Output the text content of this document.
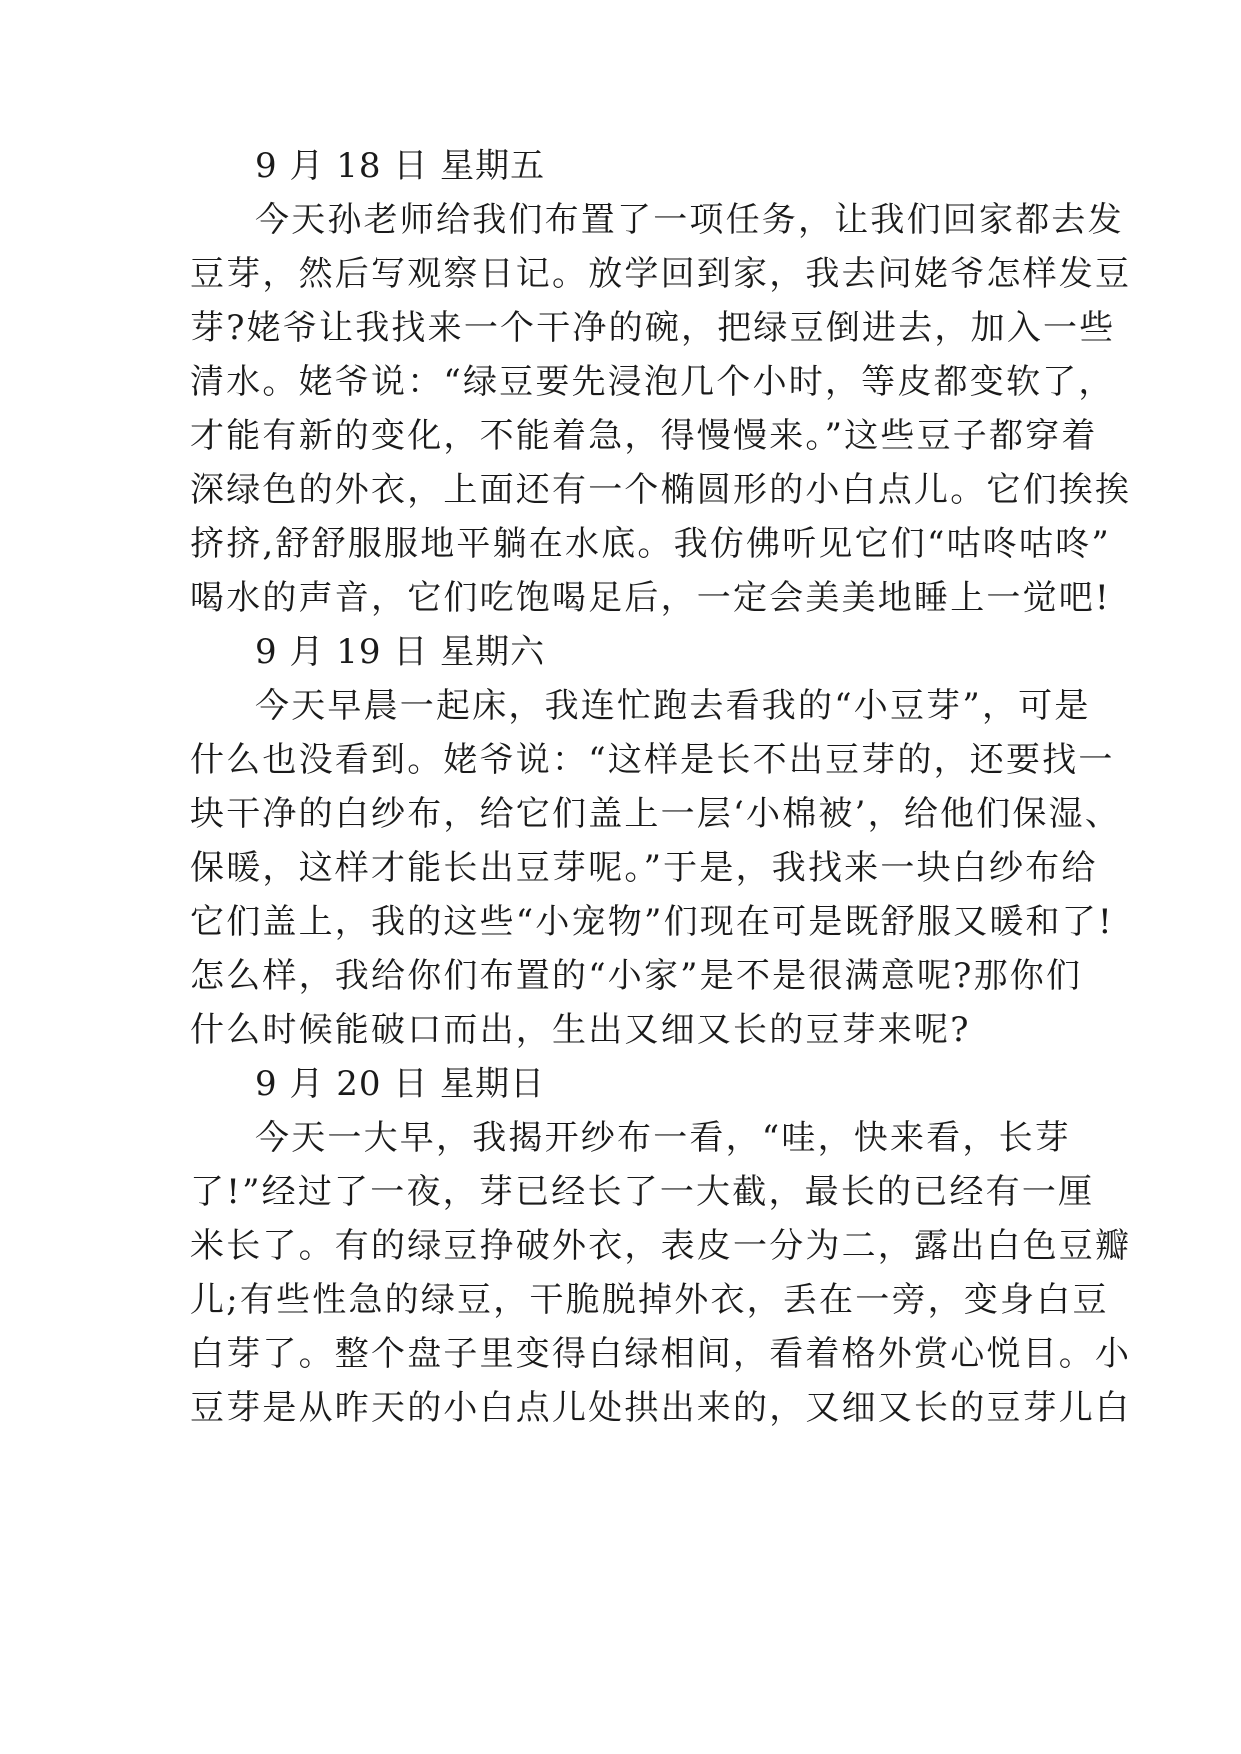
9 月 18 日 星期五
今天孙老师给我们布置了一项任务，让我们回家都去发
豆芽，然后写观察日记。放学回到家，我去问姥爷怎样发豆
芽?姥爷让我找来一个干净的碗，把绿豆倒进去，加入一些
清水。姥爷说：“绿豆要先浸泡几个小时，等皮都变软了，
才能有新的变化，不能着急，得慢慢来。”这些豆子都穿着
深绿色的外衣，上面还有一个椭圆形的小白点儿。它们挨挨
挤挤,舒舒服服地平躺在水底。我仿佛听见它们“咕咚咕咚”
喝水的声音，它们吃饱喝足后，一定会美美地睡上一觉吧!
9 月 19 日 星期六
今天早晨一起床，我连忙跑去看我的“小豆芽”，可是
什么也没看到。姥爷说：“这样是长不出豆芽的，还要找一
块干净的白纱布，给它们盖上一层‘小棉被’，给他们保湿、
保暖，这样才能长出豆芽呢。”于是，我找来一块白纱布给
它们盖上，我的这些“小宠物”们现在可是既舒服又暖和了!
怎么样，我给你们布置的“小家”是不是很满意呢?那你们
什么时候能破口而出，生出又细又长的豆芽来呢?
9 月 20 日 星期日
今天一大早，我揭开纱布一看，“哇，快来看，长芽
了!”经过了一夜，芽已经长了一大截，最长的已经有一厘
米长了。有的绿豆挣破外衣，表皮一分为二，露出白色豆瓣
儿;有些性急的绿豆，干脆脱掉外衣，丢在一旁，变身白豆
白芽了。整个盘子里变得白绿相间，看着格外赏心悦目。小
豆芽是从昨天的小白点儿处拱出来的，又细又长的豆芽儿白
